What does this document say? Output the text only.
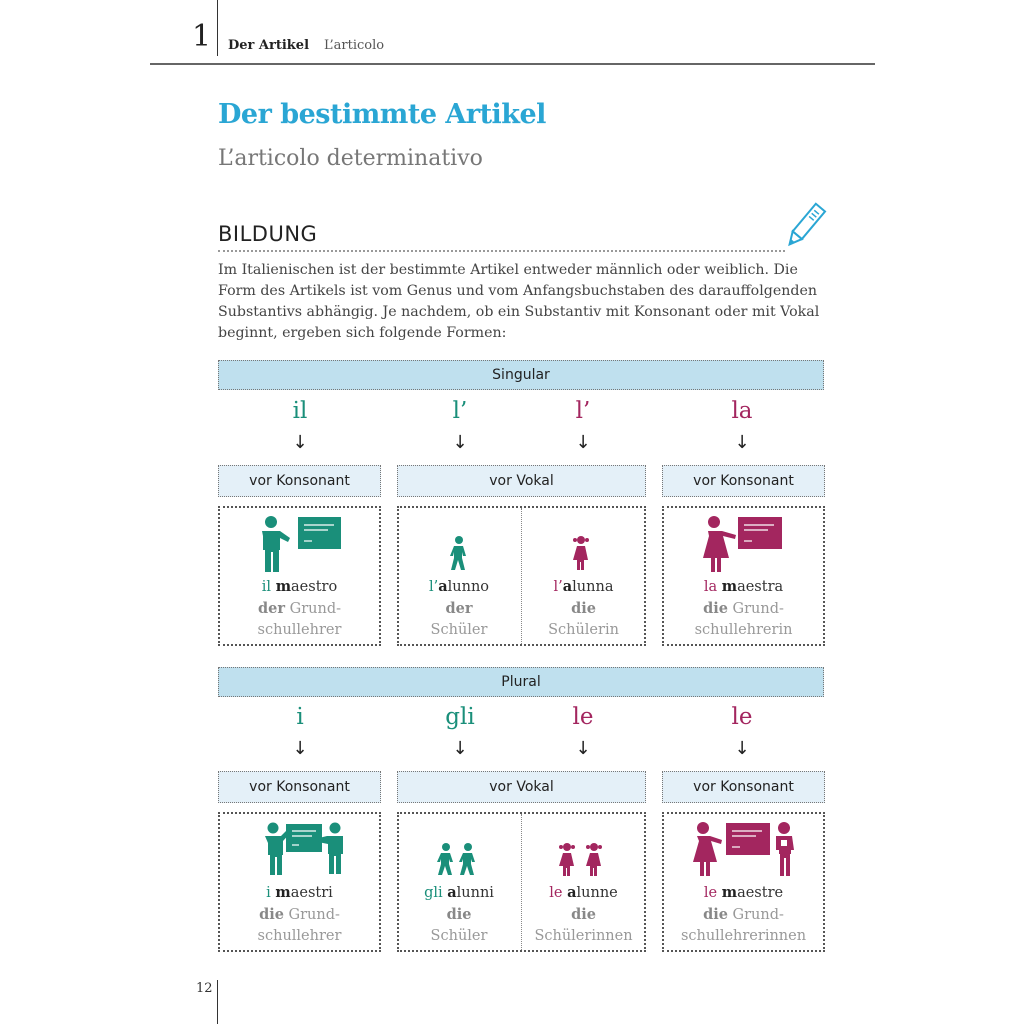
1 Der Artikel L’articolo
Der bestimmte Artikel
L’articolo determinativo
BILDUNG
Im Italienischen ist der bestimmte Artikel entweder männlich oder weiblich. Die
Form des Artikels ist vom Genus und vom Anfangsbuchstaben des darauffolgenden
Substantivs abhängig. Je nachdem, ob ein Substantiv mit Konsonant oder mit Vokal
beginnt, ergeben sich folgende Formen:
Singular
il	l’	l’	la
↓	↓	↓	↓
vor Konsonant	vor Vokal	vor Konsonant
il maestro
der Grund-
schullehrer
l’alunno
der
Schüler
l’alunna
die
Schülerin
la maestra
die Grund-
schullehrerin
Plural
i	gli	le	le
↓	↓	↓	↓
vor Konsonant	vor Vokal	vor Konsonant
i maestri
die Grund-
schullehrer
gli alunni
die
Schüler
le alunne
die
Schülerinnen
le maestre
die Grund-
schullehrerinnen
12
